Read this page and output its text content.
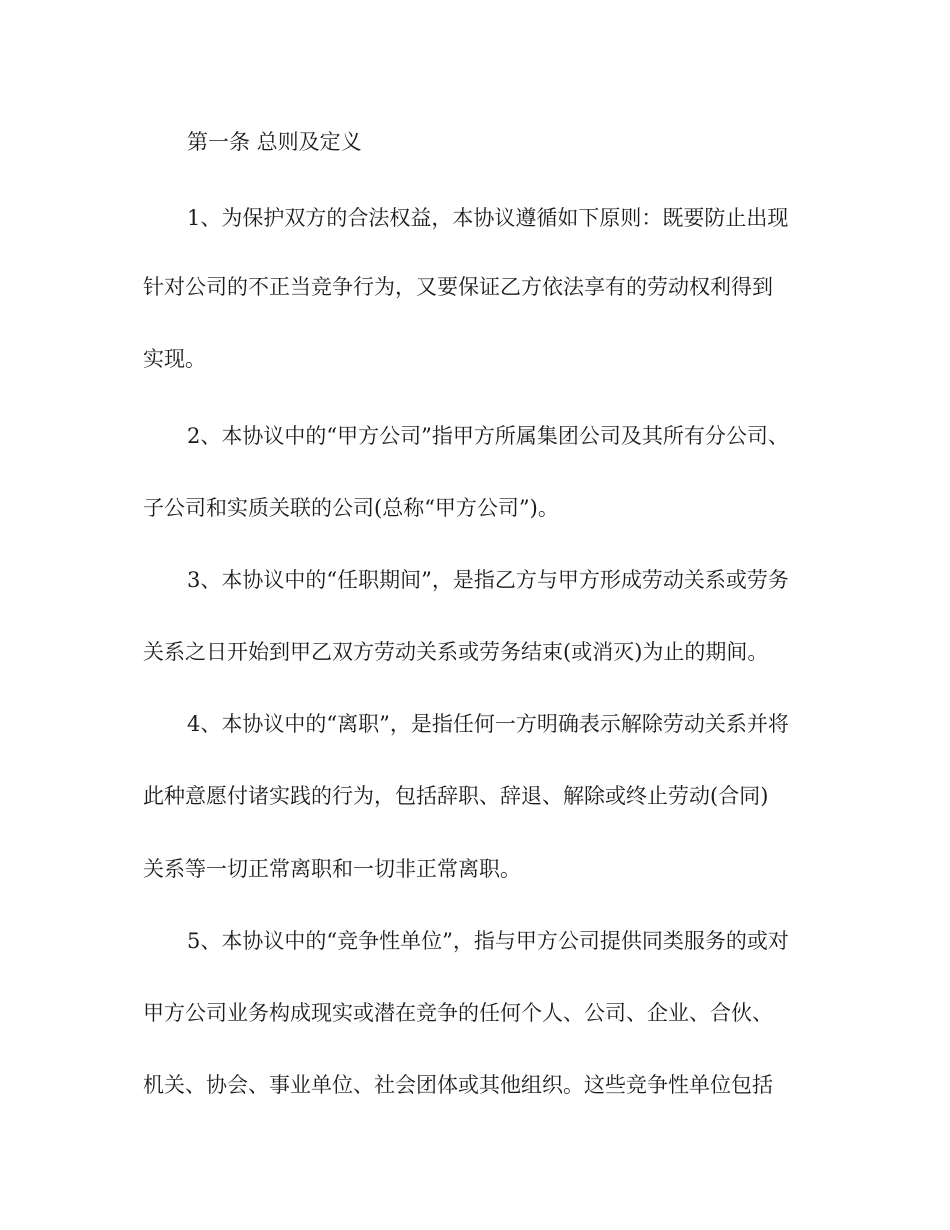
第一条 总则及定义
1、为保护双方的合法权益，本协议遵循如下原则：既要防止出现
针对公司的不正当竞争行为，又要保证乙方依法享有的劳动权利得到
实现。
2、本协议中的“甲方公司”指甲方所属集团公司及其所有分公司、
子公司和实质关联的公司(总称“甲方公司”)。
3、本协议中的“任职期间”，是指乙方与甲方形成劳动关系或劳务
关系之日开始到甲乙双方劳动关系或劳务结束(或消灭)为止的期间。
4、本协议中的“离职”，是指任何一方明确表示解除劳动关系并将
此种意愿付诸实践的行为，包括辞职、辞退、解除或终止劳动(合同)
关系等一切正常离职和一切非正常离职。
5、本协议中的“竞争性单位”，指与甲方公司提供同类服务的或对
甲方公司业务构成现实或潜在竞争的任何个人、公司、企业、合伙、
机关、协会、事业单位、社会团体或其他组织。这些竞争性单位包括
